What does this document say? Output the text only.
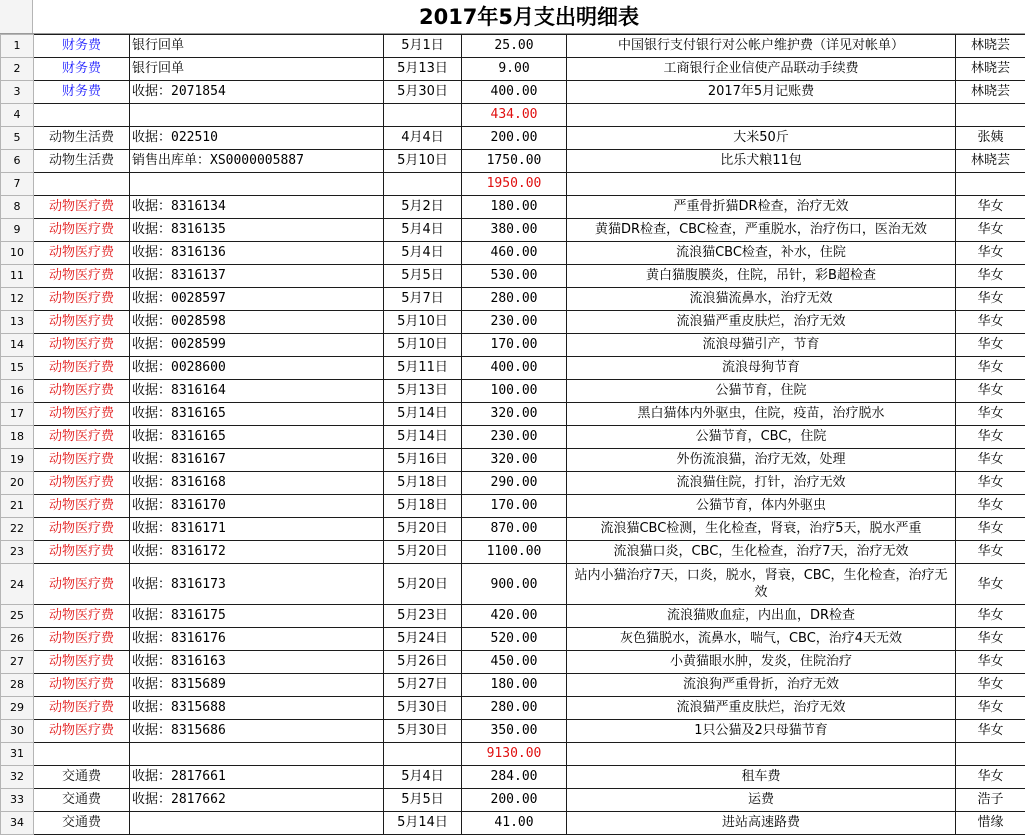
2017年5月支出明细表
1	财务费	银行回单	5月1日	25.00	中国银行支付银行对公帐户维护费（详见对帐单）	林晓芸
2	财务费	银行回单	5月13日	9.00	工商银行企业信使产品联动手续费	林晓芸
3	财务费	收据：2071854	5月30日	400.00	2017年5月记账费	林晓芸
4				434.00		
5	动物生活费	收据：022510	4月4日	200.00	大米50斤	张姨
6	动物生活费	销售出库单：XS0000005887	5月10日	1750.00	比乐犬粮11包	林晓芸
7				1950.00		
8	动物医疗费	收据：8316134	5月2日	180.00	严重骨折猫DR检查，治疗无效	华女
9	动物医疗费	收据：8316135	5月4日	380.00	黄猫DR检查，CBC检查，严重脱水，治疗伤口，医治无效	华女
10	动物医疗费	收据：8316136	5月4日	460.00	流浪猫CBC检查，补水，住院	华女
11	动物医疗费	收据：8316137	5月5日	530.00	黄白猫腹膜炎，住院，吊针，彩B超检查	华女
12	动物医疗费	收据：0028597	5月7日	280.00	流浪猫流鼻水，治疗无效	华女
13	动物医疗费	收据：0028598	5月10日	230.00	流浪猫严重皮肤烂，治疗无效	华女
14	动物医疗费	收据：0028599	5月10日	170.00	流浪母猫引产，节育	华女
15	动物医疗费	收据：0028600	5月11日	400.00	流浪母狗节育	华女
16	动物医疗费	收据：8316164	5月13日	100.00	公猫节育，住院	华女
17	动物医疗费	收据：8316165	5月14日	320.00	黑白猫体内外驱虫，住院，疫苗，治疗脱水	华女
18	动物医疗费	收据：8316165	5月14日	230.00	公猫节育，CBC，住院	华女
19	动物医疗费	收据：8316167	5月16日	320.00	外伤流浪猫，治疗无效，处理	华女
20	动物医疗费	收据：8316168	5月18日	290.00	流浪猫住院，打针，治疗无效	华女
21	动物医疗费	收据：8316170	5月18日	170.00	公猫节育，体内外驱虫	华女
22	动物医疗费	收据：8316171	5月20日	870.00	流浪猫CBC检测，生化检查，肾衰，治疗5天，脱水严重	华女
23	动物医疗费	收据：8316172	5月20日	1100.00	流浪猫口炎，CBC，生化检查，治疗7天，治疗无效	华女
24	动物医疗费	收据：8316173	5月20日	900.00	站内小猫治疗7天，口炎，脱水，肾衰，CBC，生化检查，治疗无效	华女
25	动物医疗费	收据：8316175	5月23日	420.00	流浪猫败血症，内出血，DR检查	华女
26	动物医疗费	收据：8316176	5月24日	520.00	灰色猫脱水，流鼻水，喘气，CBC，治疗4天无效	华女
27	动物医疗费	收据：8316163	5月26日	450.00	小黄猫眼水肿，发炎，住院治疗	华女
28	动物医疗费	收据：8315689	5月27日	180.00	流浪狗严重骨折，治疗无效	华女
29	动物医疗费	收据：8315688	5月30日	280.00	流浪猫严重皮肤烂，治疗无效	华女
30	动物医疗费	收据：8315686	5月30日	350.00	1只公猫及2只母猫节育	华女
31				9130.00		
32	交通费	收据：2817661	5月4日	284.00	租车费	华女
33	交通费	收据：2817662	5月5日	200.00	运费	浩子
34	交通费		5月14日	41.00	进站高速路费	惜缘
